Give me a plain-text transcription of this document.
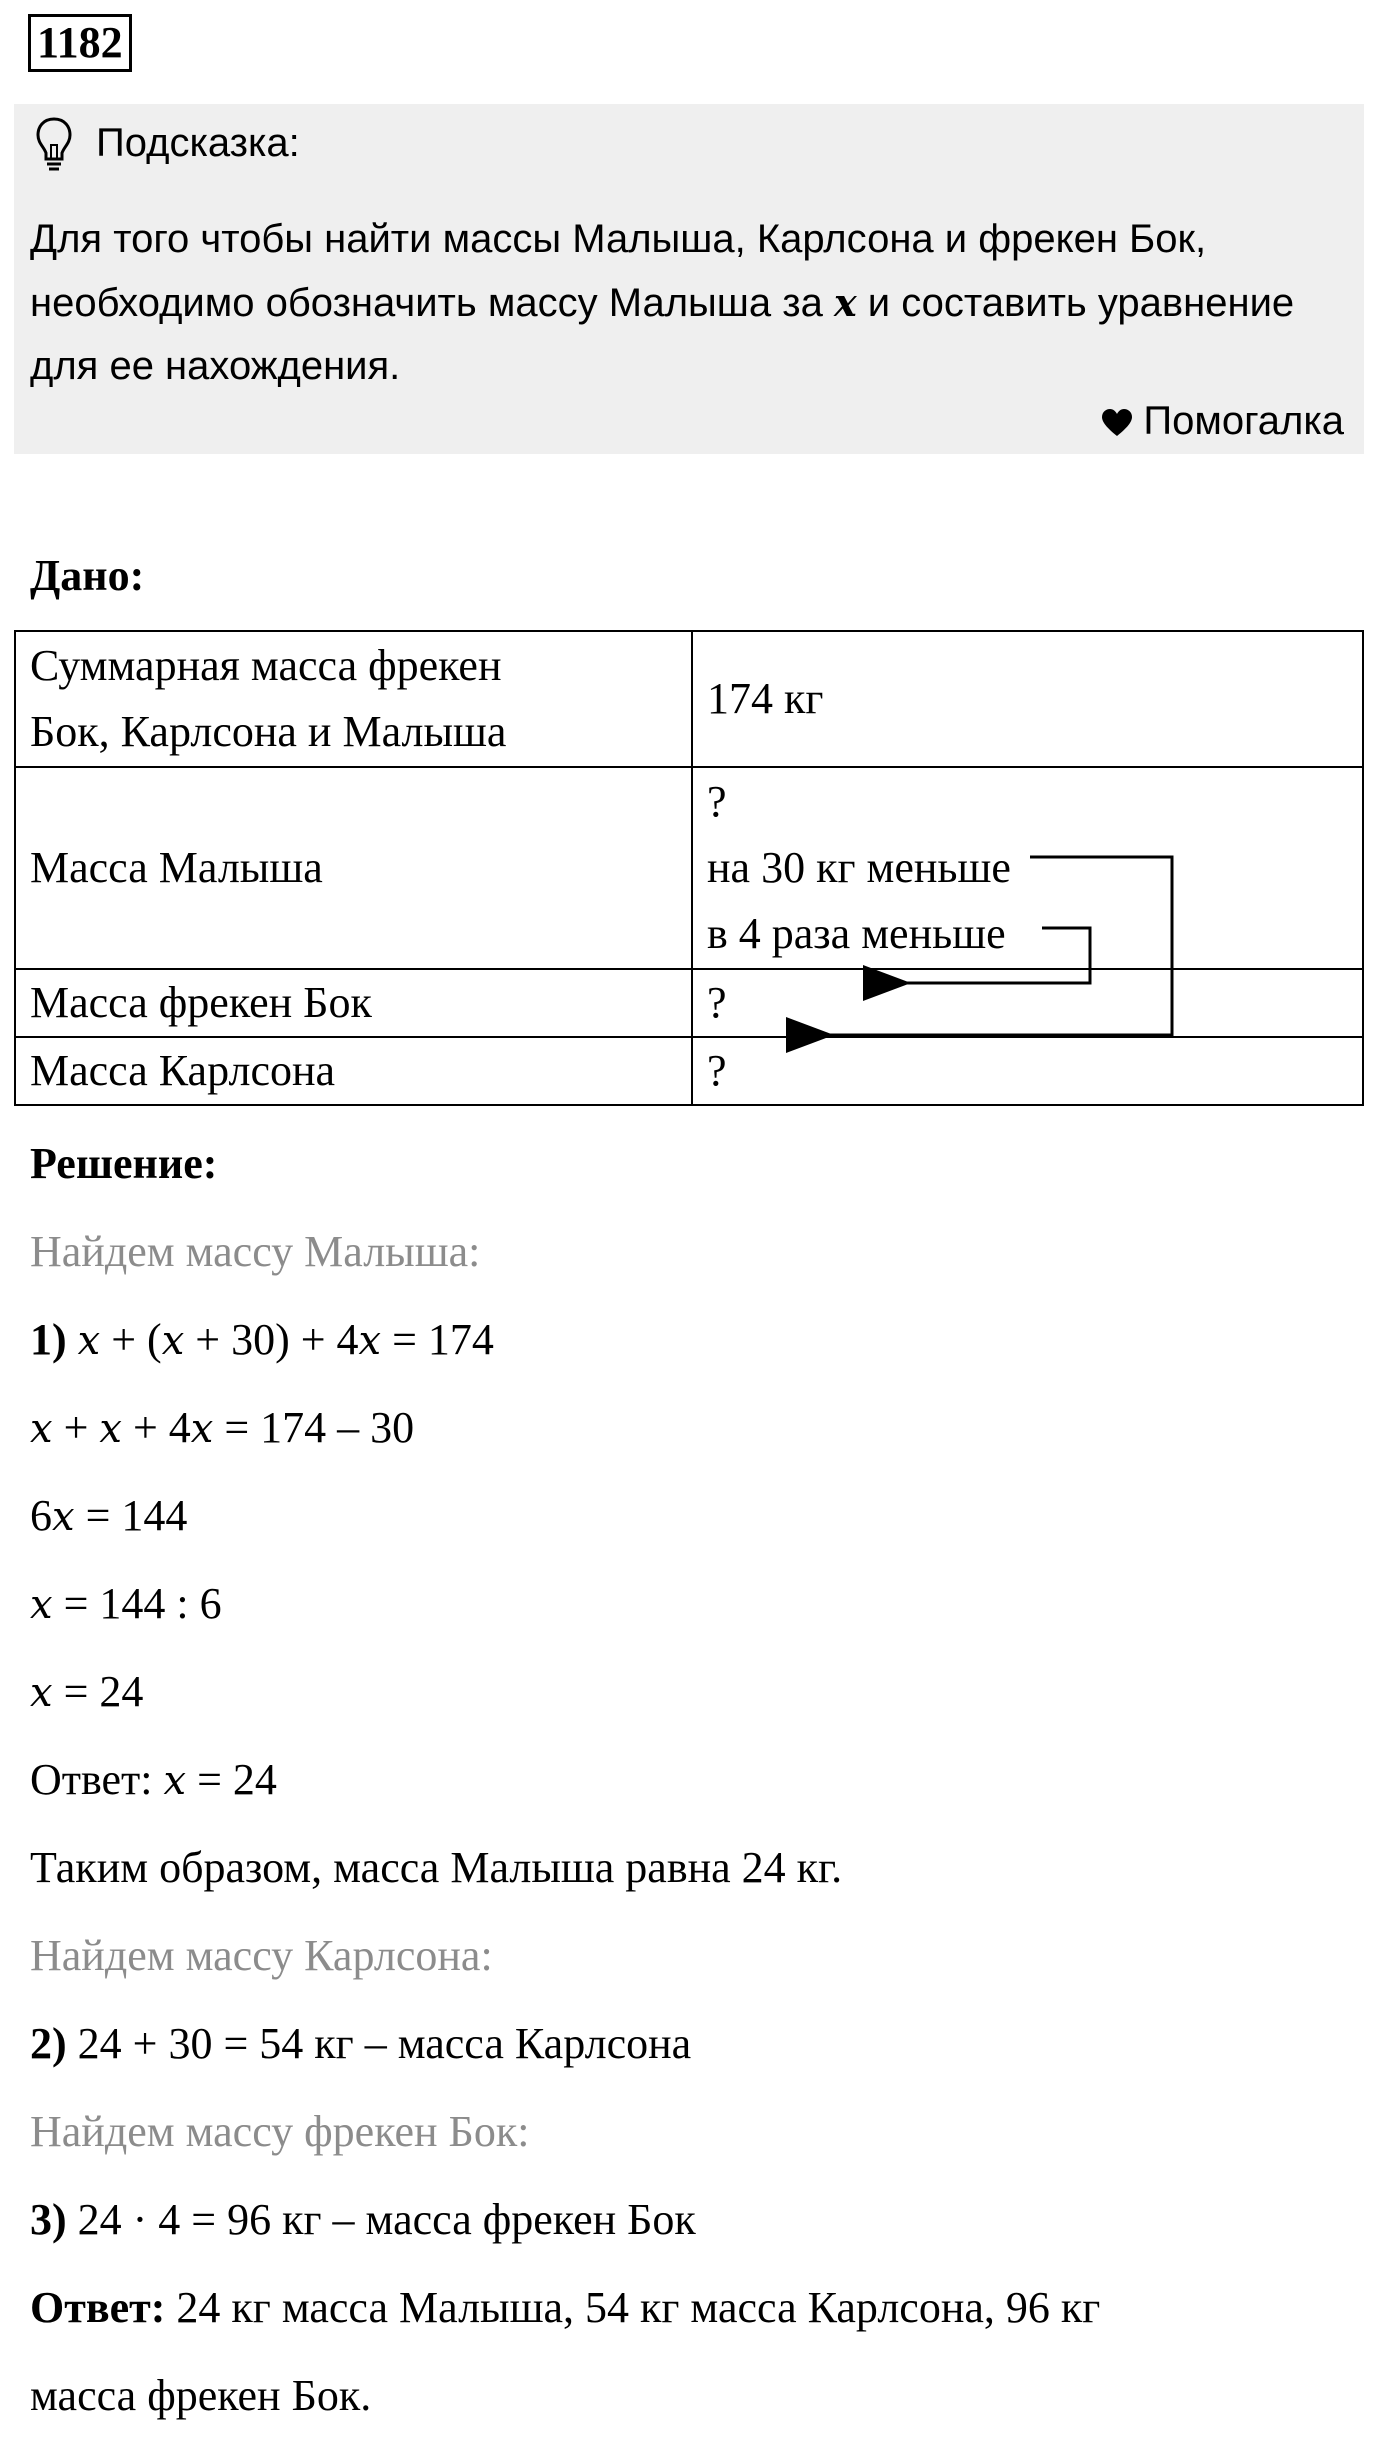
1182
Подсказка:
Для того чтобы найти массы Малыша, Карлсона и фрекен Бок, необходимо обозначить массу Малыша за x и составить уравнение для ее нахождения.
Помогалка
Дано:
Суммарная масса фрекен
Бок, Карлсона и Малыша	174 кг

Масса Малыша	?
на 30 кг меньше
в 4 раза меньше

Масса фрекен Бок	?

Масса Карлсона	?
Решение:
Найдем массу Малыша:
1) x + (x + 30) + 4x = 174
x + x + 4x = 174 – 30
6x = 144
x = 144 : 6
x = 24
Ответ: x = 24
Таким образом, масса Малыша равна 24 кг.
Найдем массу Карлсона:
2) 24 + 30 = 54 кг – масса Карлсона
Найдем массу фрекен Бок:
3) 24 · 4 = 96 кг – масса фрекен Бок
Ответ: 24 кг масса Малыша, 54 кг масса Карлсона, 96 кг
масса фрекен Бок.
